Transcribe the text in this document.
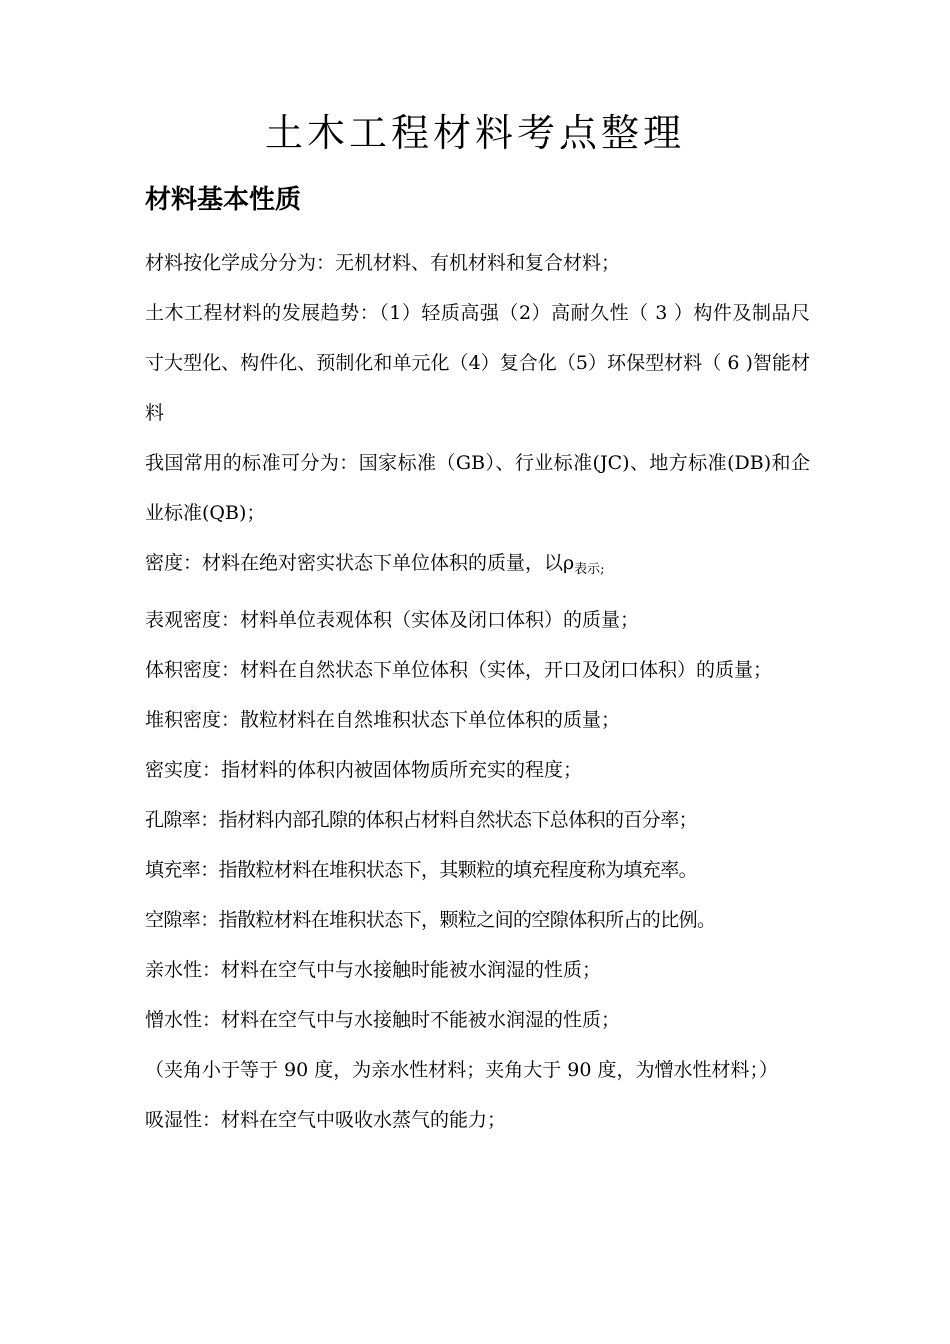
土木工程材料考点整理
材料基本性质

材料按化学成分分为：无机材料、有机材料和复合材料；

土木工程材料的发展趋势：（1）轻质高强（2）高耐久性（ 3 ）构件及制品尺寸大型化、构件化、预制化和单元化（4）复合化（5）环保型材料（ 6 )智能材料

我国常用的标准可分为：国家标准（GB）、行业标准(JC)、地方标准(DB)和企业标准(QB)；

密度：材料在绝对密实状态下单位体积的质量，以$\rho_{表示;}$

表观密度：材料单位表观体积（实体及闭口体积）的质量；

体积密度：材料在自然状态下单位体积（实体，开口及闭口体积）的质量；

堆积密度：散粒材料在自然堆积状态下单位体积的质量；

密实度：指材料的体积内被固体物质所充实的程度；

孔隙率：指材料内部孔隙的体积占材料自然状态下总体积的百分率；

填充率：指散粒材料在堆积状态下，其颗粒的填充程度称为填充率。

空隙率：指散粒材料在堆积状态下，颗粒之间的空隙体积所占的比例。

亲水性：材料在空气中与水接触时能被水润湿的性质；

憎水性：材料在空气中与水接触时不能被水润湿的性质；

（夹角小于等于 90 度，为亲水性材料；夹角大于 90 度，为憎水性材料；）

吸湿性：材料在空气中吸收水蒸气的能力；
